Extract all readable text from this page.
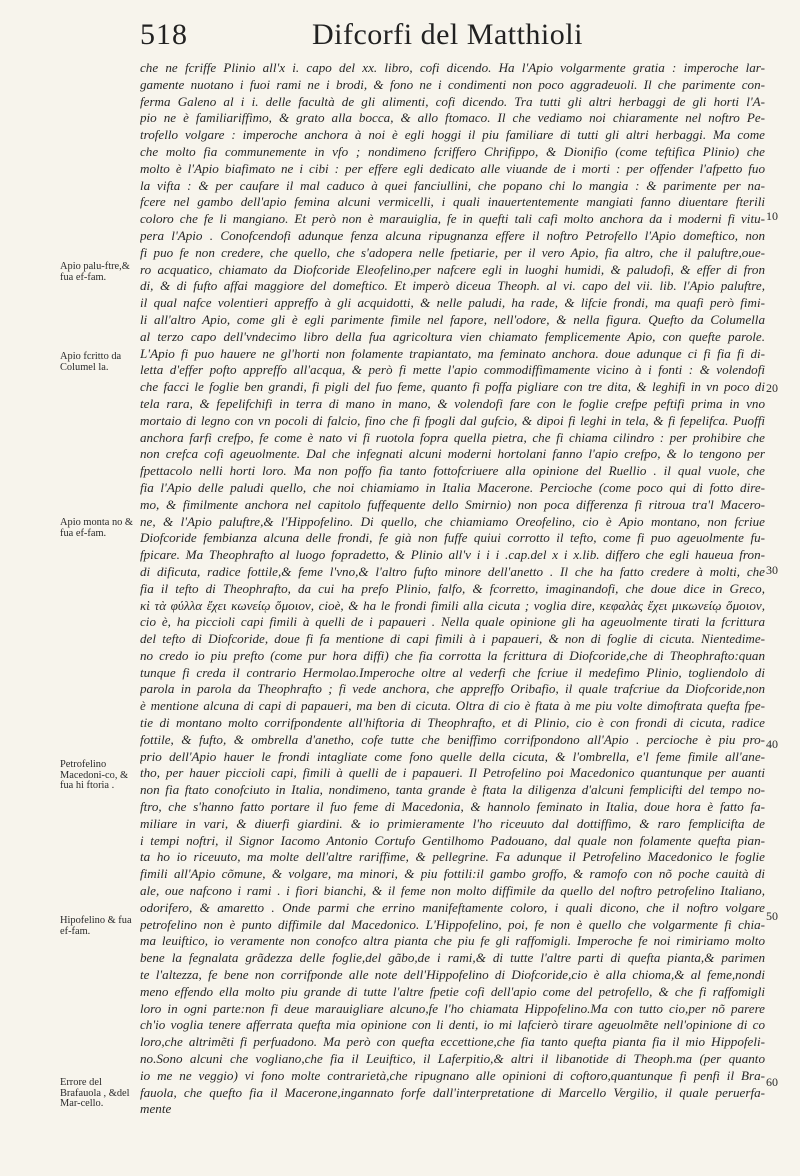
518	Difcorfi del Matthioli
che ne fcriffe Plinio all'x i. capo del xx. libro, cofi dicendo. Ha l'Apio volgarmente gratia : imperoche lar-
gamente nuotano i fuoi rami ne i brodi, & fono ne i condimenti non poco aggradeuoli. Il che parimente con-
ferma Galeno al i i. delle facultà de gli alimenti, cofi dicendo. Tra tutti gli altri herbaggi de gli horti l'A-
pio ne è familiariffimo, & grato alla bocca, & allo ftomaco. Il che vediamo noi chiaramente nel noftro Pe-
trofello volgare : imperoche anchora à noi è egli hoggi il piu familiare di tutti gli altri herbaggi. Ma come
che molto fia communemente in vfo ; nondimeno fcriffero Chrifippo, & Dionifio (come teftifica Plinio) che
molto è l'Apio biafimato ne i cibi : per effere egli dedicato alle viuande de i morti : per offender l'afpetto fuo
la vifta : & per caufare il mal caduco à quei fanciullini, che popano chi lo mangia : & parimente per na-
fcere nel gambo dell'apio femina alcuni vermicelli, i quali inauertentemente mangiati fanno diuentare fterili
coloro che fe li mangiano. Et però non è marauiglia, fe in quefti tali cafi molto anchora da i moderni fi vitu-
pera l'Apio . Conofcendofi adunque fenza alcuna ripugnanza effere il noftro Petrofello l'Apio domeftico, non
fi puo fe non credere, che quello, che s'adopera nelle fpetiarie, per il vero Apio, fia altro, che il paluftre,oue-
ro acquatico, chiamato da Diofcoride Eleofelino,per nafcere egli in luoghi humidi, & paludofi, & effer di fron
di, & di fufto affai maggiore del domeftico. Et imperò diceua Theoph. al vi. capo del vii. lib. l'Apio paluftre,
il qual nafce volentieri appreffo à gli acquidotti, & nelle paludi, ha rade, & lifcie frondi, ma quafi però fimi-
li all'altro Apio, come gli è egli parimente fimile nel fapore, nell'odore, & nella figura. Quefto da Columella
al terzo capo dell'vndecimo libro della fua agricoltura vien chiamato femplicemente Apio, con quefte parole.
L'Apio fi puo hauere ne gl'horti non folamente trapiantato, ma feminato anchora. doue adunque ci fi fia fi di-
letta d'effer pofto appreffo all'acqua, & però fi mette l'apio commodiffimamente vicino à i fonti : & volendofi
che facci le foglie ben grandi, fi pigli del fuo feme, quanto fi poffa pigliare con tre dita, & leghifi in vn poco di
tela rara, & fepelifchifi in terra di mano in mano, & volendofi fare con le foglie crefpe peftifi prima in vno
mortaio di legno con vn pocoli di falcio, fino che fi fpogli dal gufcio, & dipoi fi leghi in tela, & fi fepelifca. Puoffi
anchora farfi crefpo, fe come è nato vi fi ruotola fopra quella pietra, che fi chiama cilindro : per prohibire che
non crefca cofi ageuolmente. Dal che infegnati alcuni moderni hortolani fanno l'apio crefpo, & lo tengono per
fpettacolo nelli horti loro. Ma non poffo fia tanto fottofcriuere alla opinione del Ruellio . il qual vuole, che
fia l'Apio delle paludi quello, che noi chiamiamo in Italia Macerone. Percioche (come poco qui di fotto dire-
mo, & fimilmente anchora nel capitolo fuffequente dello Smirnio) non poca differenza fi ritroua tra'l Macero-
ne, & l'Apio paluftre,& l'Hippofelino. Di quello, che chiamiamo Oreofelino, cio è Apio montano, non fcriue
Diofcoride fembianza alcuna delle frondi, fe già non fuffe quiui corrotto il tefto, come fi puo ageuolmente fu-
fpicare. Ma Theophrafto al luogo fopradetto, & Plinio all'v i i i .cap.del x i x.lib. differo che egli haueua fron-
di dificuta, radice fottile,& feme l'vno,& l'altro fufto minore dell'anetto . Il che ha fatto credere à molti, che
fia il tefto di Theophrafto, da cui ha prefo Plinio, falfo, & fcorretto, imaginandofi, che doue dice in Greco,
κὶ τὰ φύλλα ἔχει κωνείῳ ὅμοιον, cioè, & ha le frondi fimili alla cicuta ; voglia dire, κεφαλὰς ἔχει μικωνείῳ ὅμοιον,
cio è, ha piccioli capi fimili à quelli de i papaueri . Nella quale opinione gli ha ageuolmente tirati la fcrittura
del tefto di Diofcoride, doue fi fa mentione di capi fimili à i papaueri, & non di foglie di cicuta. Nientedime-
no credo io piu prefto (come pur hora diffi) che fia corrotta la fcrittura di Diofcoride,che di Theophrafto:quan
tunque fi creda il contrario Hermolao.Imperoche oltre al vederfi che fcriue il medefimo Plinio, togliendolo di
parola in parola da Theophrafto ; fi vede anchora, che appreffo Oribafio, il quale trafcriue da Diofcoride,non
è mentione alcuna di capi di papaueri, ma ben di cicuta. Oltra di cio è ftata à me piu volte dimoftrata quefta fpe-
tie di montano molto corrifpondente all'hiftoria di Theophrafto, et di Plinio, cio è con frondi di cicuta, radice
fottile, & fufto, & ombrella d'anetho, cofe tutte che beniffimo corrifpondono all'Apio . percioche è piu pro-
prio dell'Apio hauer le frondi intagliate come fono quelle della cicuta, & l'ombrella, e'l feme fimile all'ane-
tho, per hauer piccioli capi, fimili à quelli de i papaueri. Il Petrofelino poi Macedonico quantunque per auanti
non fia ftato conofciuto in Italia, nondimeno, tanta grande è ftata la diligenza d'alcuni femplicifti del tempo no-
ftro, che s'hanno fatto portare il fuo feme di Macedonia, & hannolo feminato in Italia, doue hora è fatto fa-
miliare in vari, & diuerfi giardini. & io primieramente l'ho riceuuto dal dottiffimo, & raro femplicifta de
i tempi noftri, il Signor Iacomo Antonio Cortufo Gentilhomo Padouano, dal quale non folamente quefta pian-
ta ho io riceuuto, ma molte dell'altre rariffime, & pellegrine. Fa adunque il Petrofelino Macedonico le foglie
fimili all'Apio cõmune, & volgare, ma minori, & piu fottili:il gambo groffo, & ramofo con nõ poche cauità di
ale, oue nafcono i rami . i fiori bianchi, & il feme non molto diffimile da quello del noftro petrofelino Italiano,
odorifero, & amaretto . Onde parmi che errino manifeftamente coloro, i quali dicono, che il noftro volgare
petrofelino non è punto diffimile dal Macedonico. L'Hippofelino, poi, fe non è quello che volgarmente fi chia-
ma leuiftico, io veramente non conofco altra pianta che piu fe gli raffomigli. Imperoche fe noi rimiriamo molto
bene la fegnalata grãdezza delle foglie,del gãbo,de i rami,& di tutte l'altre parti di quefta pianta,& parimen
te l'altezza, fe bene non corrifponde alle note dell'Hippofelino di Diofcoride,cio è alla chioma,& al feme,nondi
meno effendo ella molto piu grande di tutte l'altre fpetie cofi dell'apio come del petrofello, & che fi raffomigli
loro in ogni parte:non fi deue marauigliare alcuno,fe l'ho chiamata Hippofelino.Ma con tutto cio,per nõ parere
ch'io voglia tenere afferrata quefta mia opinione con li denti, io mi lafcierò tirare ageuolmẽte nell'opinione di co
loro,che altrimẽti fi perfuadono. Ma però con quefta eccettione,che fia tanto quefta pianta fia il mio Hippofeli-
no.Sono alcuni che vogliano,che fia il Leuiftico, il Laferpitio,& altri il libanotide di Theoph.ma (per quanto
io me ne veggio) vi fono molte contrarietà,che ripugnano alle opinioni di coftoro,quantunque fi penfi il Bra-
fauola, che quefto fia il Macerone,ingannato forfe dall'interpretatione di Marcello Vergilio, il quale peruerfa-
mente
Apio palu-ftre,& fua ef-fam.
Apio fcritto da Columel la.
Apio monta no & fua ef-fam.
Petrofelino Macedoni-co, & fua hi ftoria .
Hipofelino & fua ef-fam.
Errore del Brafauola , &del Mar-cello.
10
20
30
40
50
60
